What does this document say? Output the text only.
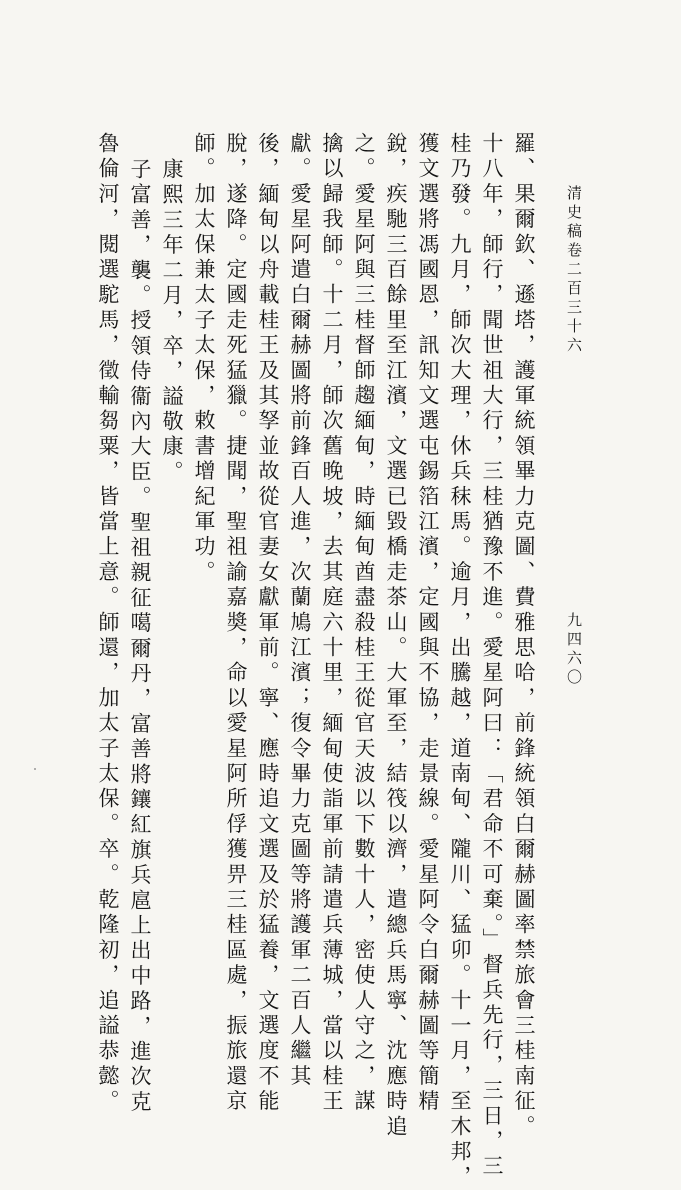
清史稿卷二百三十六
九四六〇
羅、果爾欽、遜塔，護軍統領畢力克圖、費雅思哈，前鋒統領白爾赫圖率禁旅會三桂南征。
十八年，師行，聞世祖大行，三桂猶豫不進。愛星阿曰：「君命不可棄。」督兵先行，三日，三
桂乃發。九月，師次大理，休兵秣馬。逾月，出騰越，道南甸、隴川、猛卯。十一月，至木邦，
獲文選將馮國恩，訊知文選屯錫箔江濱，定國與不協，走景線。愛星阿令白爾赫圖等簡精
銳，疾馳三百餘里至江濱，文選已毀橋走茶山。大軍至，結筏以濟，遣總兵馬寧、沈應時追
之。愛星阿與三桂督師趨緬甸，時緬甸酋盡殺桂王從官天波以下數十人，密使人守之，謀
擒以歸我師。十二月，師次舊晚坡，去其庭六十里，緬甸使詣軍前請遣兵薄城，當以桂王
獻。愛星阿遣白爾赫圖將前鋒百人進，次蘭鳩江濱；復令畢力克圖等將護軍二百人繼其
後，緬甸以舟載桂王及其孥並故從官妻女獻軍前。寧、應時追文選及於猛養，文選度不能
脫，遂降。定國走死猛獵。捷聞，聖祖諭嘉奬，命以愛星阿所俘獲畀三桂區處，振旅還京
師。加太保兼太子太保，敕書增紀軍功。
康熙三年二月，卒，謚敬康。
子富善，襲。授領侍衞內大臣。聖祖親征噶爾丹，富善將鑲紅旗兵扈上出中路，進次克
魯倫河，閱選駝馬，徵輸芻粟，皆當上意。師還，加太子太保。卒。乾隆初，追謚恭懿。
